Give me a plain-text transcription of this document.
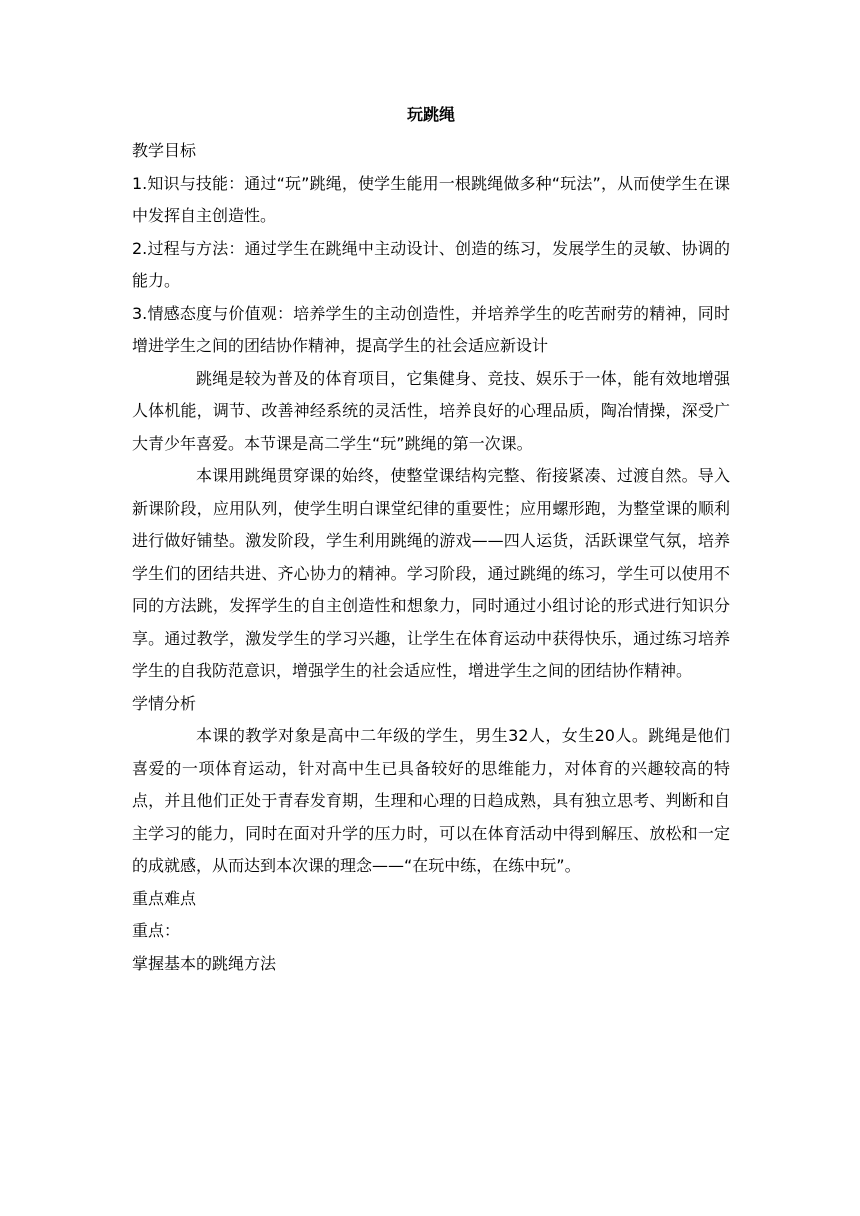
玩跳绳

教学目标

1.知识与技能：通过“玩”跳绳，使学生能用一根跳绳做多种“玩法”，从而使学生在课中发挥自主创造性。

2.过程与方法：通过学生在跳绳中主动设计、创造的练习，发展学生的灵敏、协调的能力。

3.情感态度与价值观：培养学生的主动创造性，并培养学生的吃苦耐劳的精神，同时增进学生之间的团结协作精神，提高学生的社会适应新设计

跳绳是较为普及的体育项目，它集健身、竞技、娱乐于一体，能有效地增强人体机能，调节、改善神经系统的灵活性，培养良好的心理品质，陶冶情操，深受广大青少年喜爱。本节课是高二学生“玩”跳绳的第一次课。

本课用跳绳贯穿课的始终，使整堂课结构完整、衔接紧凑、过渡自然。导入新课阶段，应用队列，使学生明白课堂纪律的重要性；应用螺形跑，为整堂课的顺利进行做好铺垫。激发阶段，学生利用跳绳的游戏——四人运货，活跃课堂气氛，培养学生们的团结共进、齐心协力的精神。学习阶段，通过跳绳的练习，学生可以使用不同的方法跳，发挥学生的自主创造性和想象力，同时通过小组讨论的形式进行知识分享。通过教学，激发学生的学习兴趣，让学生在体育运动中获得快乐，通过练习培养学生的自我防范意识，增强学生的社会适应性，增进学生之间的团结协作精神。

学情分析

本课的教学对象是高中二年级的学生，男生32人，女生20人。跳绳是他们喜爱的一项体育运动，针对高中生已具备较好的思维能力，对体育的兴趣较高的特点，并且他们正处于青春发育期，生理和心理的日趋成熟，具有独立思考、判断和自主学习的能力，同时在面对升学的压力时，可以在体育活动中得到解压、放松和一定的成就感，从而达到本次课的理念——“在玩中练，在练中玩”。

重点难点

重点：

掌握基本的跳绳方法
